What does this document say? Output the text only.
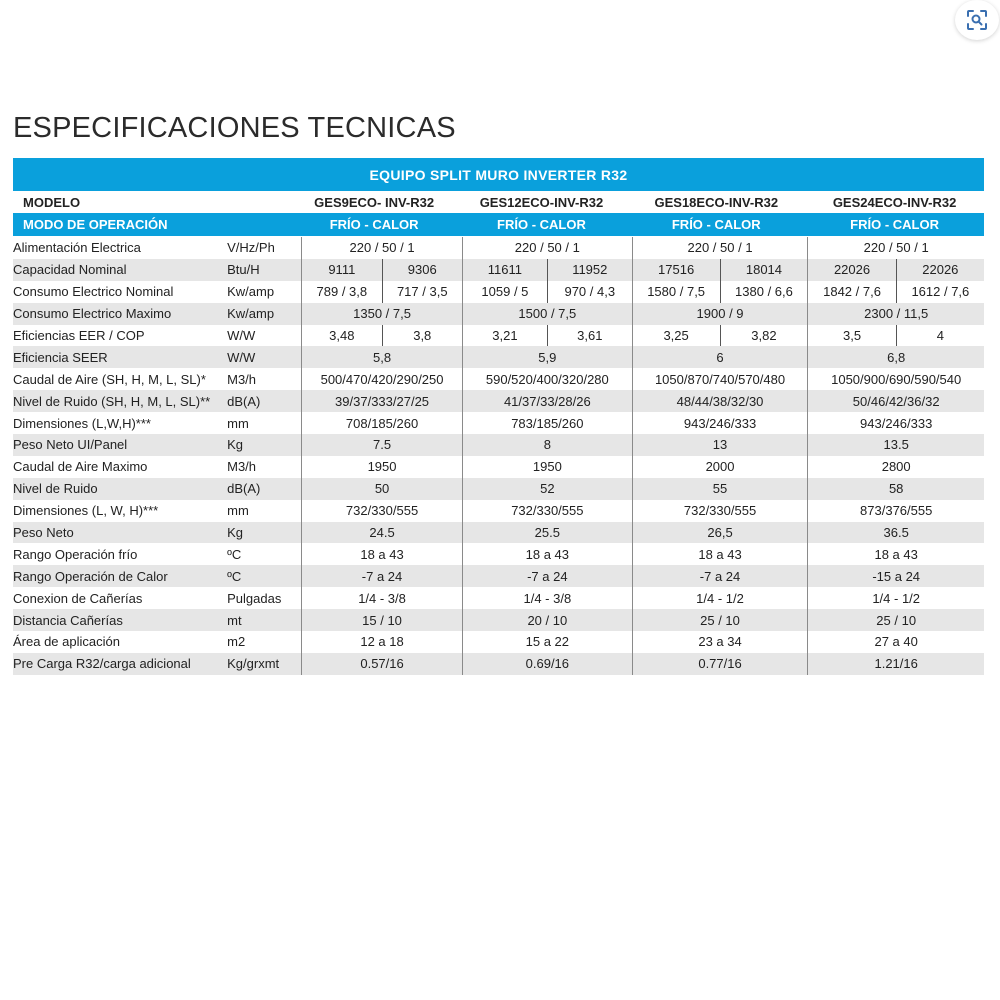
ESPECIFICACIONES TECNICAS
EQUIPO SPLIT MURO INVERTER R32
MODELO	GES9ECO- INV-R32	GES12ECO-INV-R32	GES18ECO-INV-R32	GES24ECO-INV-R32
MODO DE OPERACIÓN	FRÍO - CALOR	FRÍO - CALOR	FRÍO - CALOR	FRÍO - CALOR
Alimentación Electrica	V/Hz/Ph	220 / 50 / 1	220 / 50 / 1	220 / 50 / 1	220 / 50 / 1
Capacidad Nominal	Btu/H	9111	9306	11611	11952	17516	18014	22026	22026
Consumo Electrico Nominal	Kw/amp	789 / 3,8	717 / 3,5	1059 / 5	970 / 4,3	1580 / 7,5	1380 / 6,6	1842 / 7,6	1612 / 7,6
Consumo Electrico Maximo	Kw/amp	1350 / 7,5	1500 / 7,5	1900 / 9	2300 / 11,5
Eficiencias EER / COP	W/W	3,48	3,8	3,21	3,61	3,25	3,82	3,5	4
Eficiencia SEER	W/W	5,8	5,9	6	6,8
Caudal de Aire (SH, H, M, L, SL)*	M3/h	500/470/420/290/250	590/520/400/320/280	1050/870/740/570/480	1050/900/690/590/540
Nivel de Ruido (SH, H, M, L, SL)**	dB(A)	39/37/333/27/25	41/37/33/28/26	48/44/38/32/30	50/46/42/36/32
Dimensiones (L,W,H)***	mm	708/185/260	783/185/260	943/246/333	943/246/333
Peso Neto UI/Panel	Kg	7.5	8	13	13.5
Caudal de Aire Maximo	M3/h	1950	1950	2000	2800
Nivel de Ruido	dB(A)	50	52	55	58
Dimensiones (L, W, H)***	mm	732/330/555	732/330/555	732/330/555	873/376/555
Peso Neto	Kg	24.5	25.5	26,5	36.5
Rango Operación frío	ºC	18 a 43	18 a 43	18 a 43	18 a 43
Rango Operación de Calor	ºC	-7 a 24	-7 a 24	-7 a 24	-15 a 24
Conexion de Cañerías	Pulgadas	1/4 - 3/8	1/4 - 3/8	1/4 - 1/2	1/4 - 1/2
Distancia Cañerías	mt	15 / 10	20 / 10	25 / 10	25 / 10
Área de aplicación	m2	12 a 18	15 a 22	23 a 34	27 a 40
Pre Carga R32/carga adicional	Kg/grxmt	0.57/16	0.69/16	0.77/16	1.21/16
